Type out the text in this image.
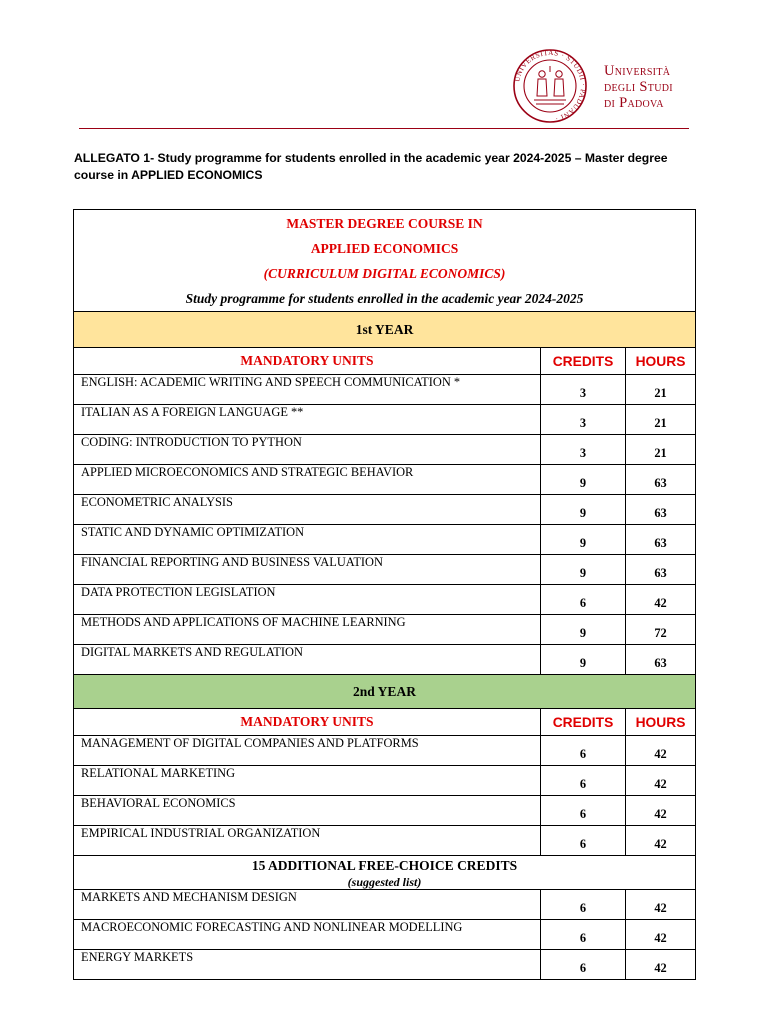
UNIVERSITAS · STUDII · PADUANI ·
Università
degli Studi
di Padova
ALLEGATO 1- Study programme for students enrolled in the academic year 2024-2025 – Master degree course in APPLIED ECONOMICS
MASTER DEGREE COURSE IN
APPLIED ECONOMICS
(CURRICULUM DIGITAL ECONOMICS)
Study programme for students enrolled in the academic year 2024-2025		

1st YEAR		
MANDATORY UNITS	CREDITS	HOURS
ENGLISH: ACADEMIC WRITING AND SPEECH COMMUNICATION *	3	21
ITALIAN AS A FOREIGN LANGUAGE **	3	21
CODING: INTRODUCTION TO PYTHON	3	21
APPLIED MICROECONOMICS AND STRATEGIC BEHAVIOR	9	63
ECONOMETRIC ANALYSIS	9	63
STATIC AND DYNAMIC OPTIMIZATION	9	63
FINANCIAL REPORTING AND BUSINESS VALUATION	9	63
DATA PROTECTION LEGISLATION	6	42
METHODS AND APPLICATIONS OF MACHINE LEARNING	9	72
DIGITAL MARKETS AND REGULATION	9	63
2nd YEAR		
MANDATORY UNITS	CREDITS	HOURS
MANAGEMENT OF DIGITAL COMPANIES AND PLATFORMS	6	42
RELATIONAL MARKETING	6	42
BEHAVIORAL ECONOMICS	6	42
EMPIRICAL INDUSTRIAL ORGANIZATION	6	42

15 ADDITIONAL FREE-CHOICE CREDITS
(suggested list)		

MARKETS AND MECHANISM DESIGN	6	42
MACROECONOMIC FORECASTING AND NONLINEAR MODELLING	6	42
ENERGY MARKETS	6	42
